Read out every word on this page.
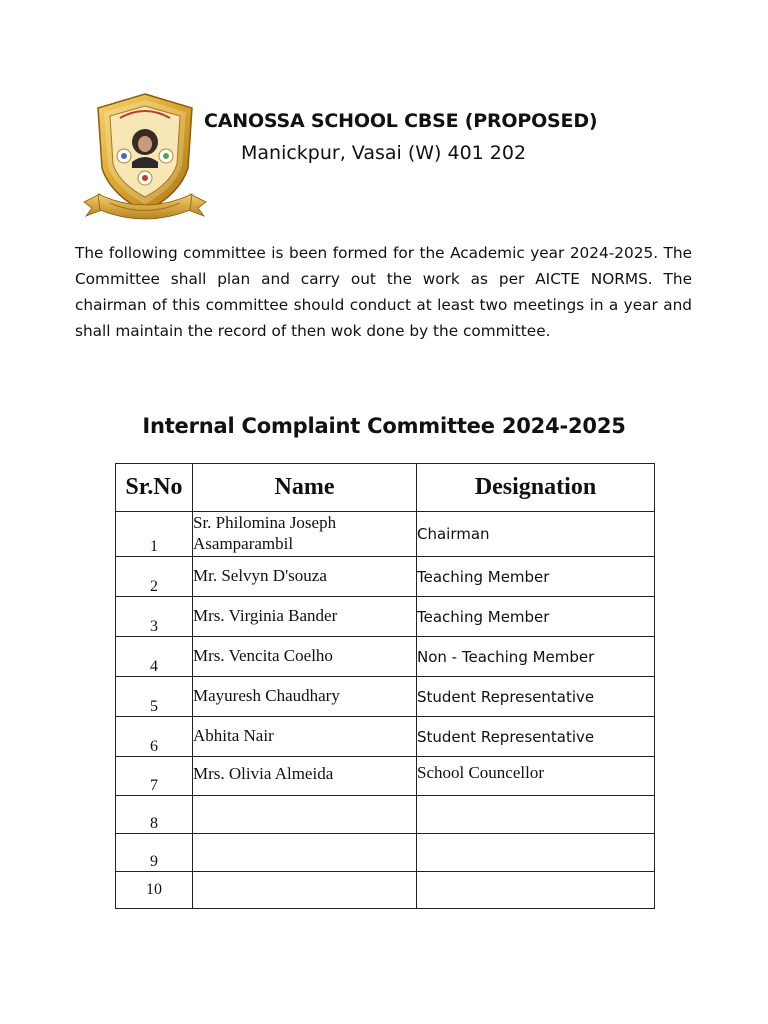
CANOSSA SCHOOL CBSE (PROPOSED)
Manickpur, Vasai (W) 401 202

The following committee is been formed for the Academic year 2024-2025. The Committee shall plan and carry out the work as per AICTE NORMS. The chairman of this committee should conduct at least two meetings in a year and shall maintain the record of then wok done by the committee.

Internal Complaint Committee 2024-2025
Sr.No	Name	Designation
1	Sr. Philomina Joseph Asamparambil	Chairman
2	Mr. Selvyn D'souza	Teaching Member
3	Mrs. Virginia Bander	Teaching Member
4	Mrs. Vencita Coelho	Non - Teaching Member
5	Mayuresh Chaudhary	Student Representative
6	Abhita Nair	Student Representative
7	Mrs. Olivia Almeida	School Councellor
8		
9		
10		
